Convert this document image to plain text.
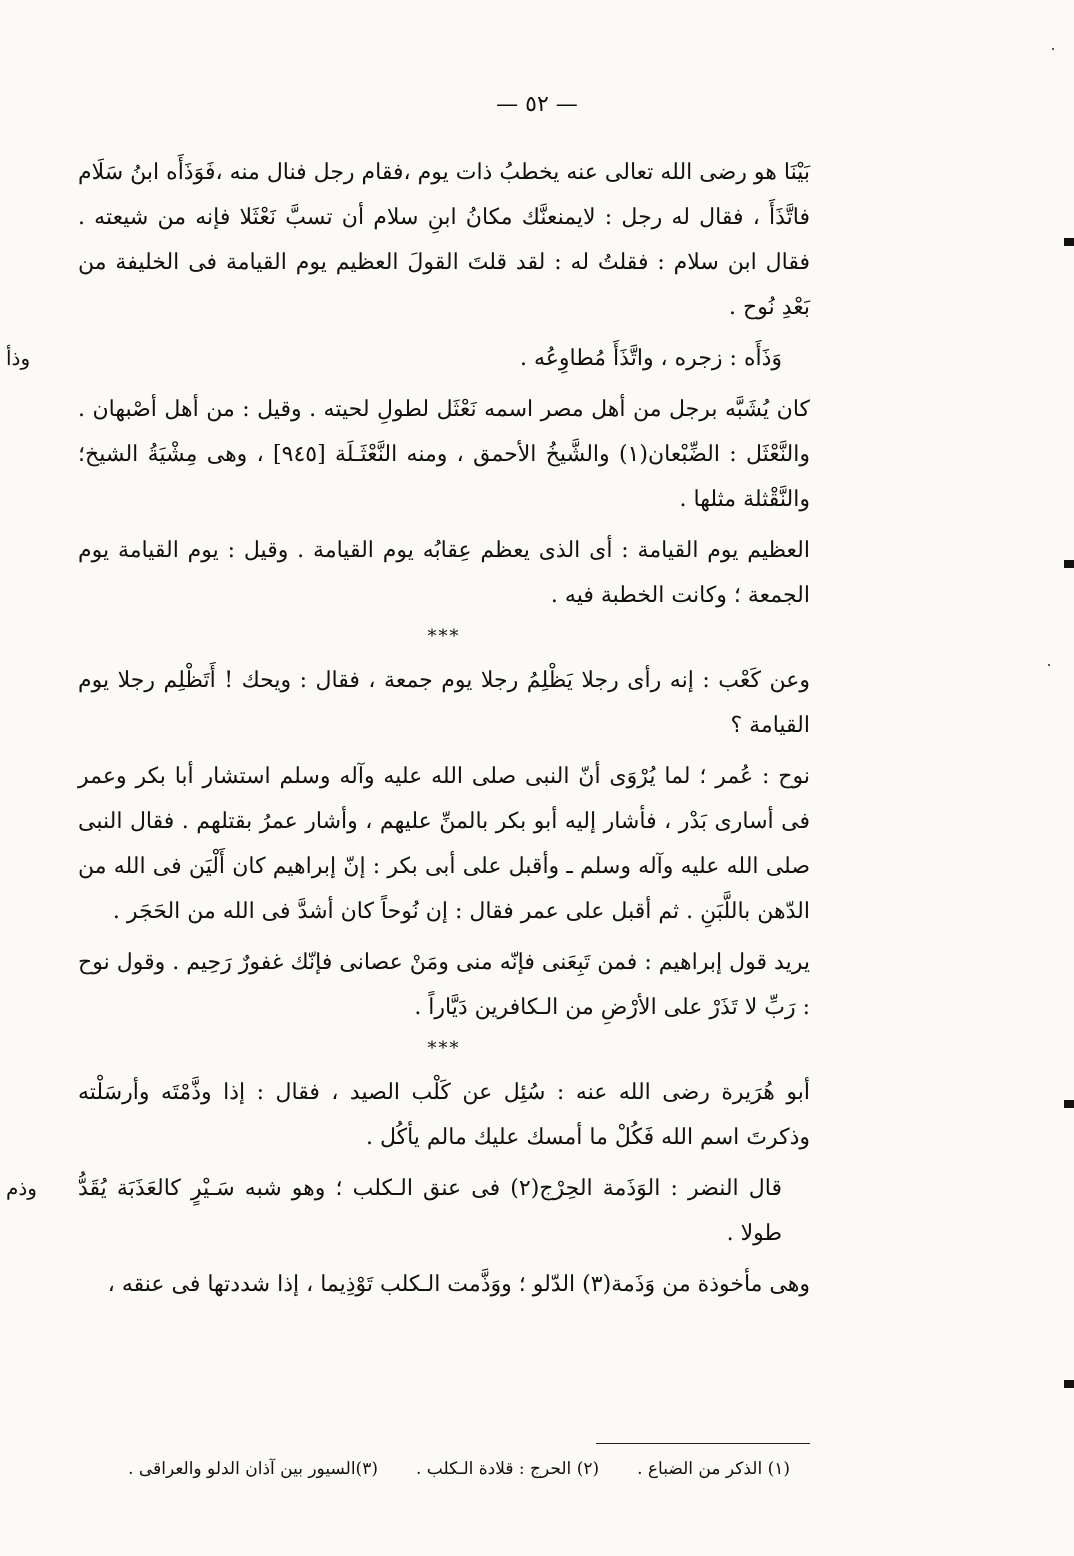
— ٥٢ —

بَيْنَا هو رضى الله تعالى عنه يخطبُ ذات يوم ،فقام رجل فنال منه ،فَوَذَأَه ابنُ سَلَام فاتَّذَأَ ، فقال له رجل : لايمنعنَّك مكانُ ابنِ سلام أن تسبَّ نَعْثَلا فإنه من شيعته . فقال ابن سلام : فقلتُ له : لقد قلتَ القولَ العظيم يوم القيامة فى الخليفة من بَعْدِ نُوح .

وَذَأَه : زجره ، واتَّذَأَ مُطاوِعُه .
وذأ

كان يُشَبَّه برجل من أهل مصر اسمه نَعْثَل لطولِ لحيته . وقيل : من أهل أصْبهان . والنَّعْثَل : الضِّبْعان(١) والشَّيخُ الأحمق ، ومنه النَّعْثَـلَة [٩٤٥] ، وهى مِشْيَةُ الشيخ؛ والنَّقْثلة مثلها .

العظيم يوم القيامة : أى الذى يعظم عِقابُه يوم القيامة . وقيل : يوم القيامة يوم الجمعة ؛ وكانت الخطبة فيه .

***

وعن كَعْب : إنه رأى رجلا يَظْلِمُ رجلا يوم جمعة ، فقال : ويحك ! أَتَظْلِم رجلا يوم القيامة ؟

نوح : عُمر ؛ لما يُرْوَى أنّ النبى صلى الله عليه وآله وسلم استشار أبا بكر وعمر فى أسارى بَدْر ، فأشار إليه أبو بكر بالمنِّ عليهم ، وأشار عمرُ بقتلهم . فقال النبى صلى الله عليه وآله وسلم ـ وأقبل على أبى بكر : إنّ إبراهيم كان أَلْيَن فى الله من الدّهن باللَّبَنِ . ثم أقبل على عمر فقال : إن نُوحاً كان أشدَّ فى الله من الحَجَر .

يريد قول إبراهيم : فمن تَبِعَنى فإنّه منى ومَنْ عصانى فإنّك غفورٌ رَحِيم . وقول نوح : رَبِّ لا تَذَرْ على الأرْضِ من الـكافرين دَيَّاراً .

***

أبو هُرَيرة رضى الله عنه : سُئِل عن كَلْب الصيد ، فقال : إذا وذَّمْتَه وأرسَلْته وذكرتَ اسم الله فَكُلْ ما أمسك عليك مالم يأكُل .

قال النضر : الوَذَمة الحِرْج(٢) فى عنق الـكلب ؛ وهو شبه سَـيْرٍ كالعَذَبَة يُقَدُّ طولا .
وذم

وهى مأخوذة من وَذَمة(٣) الدّلو ؛ ووَذَّمت الـكلب تَوْذِيما ، إذا شددتها فى عنقه ،

(١) الذكر من الضباع .(٢) الحرج : قلادة الـكلب .(٣)السيور بين آذان الدلو والعراقى .
